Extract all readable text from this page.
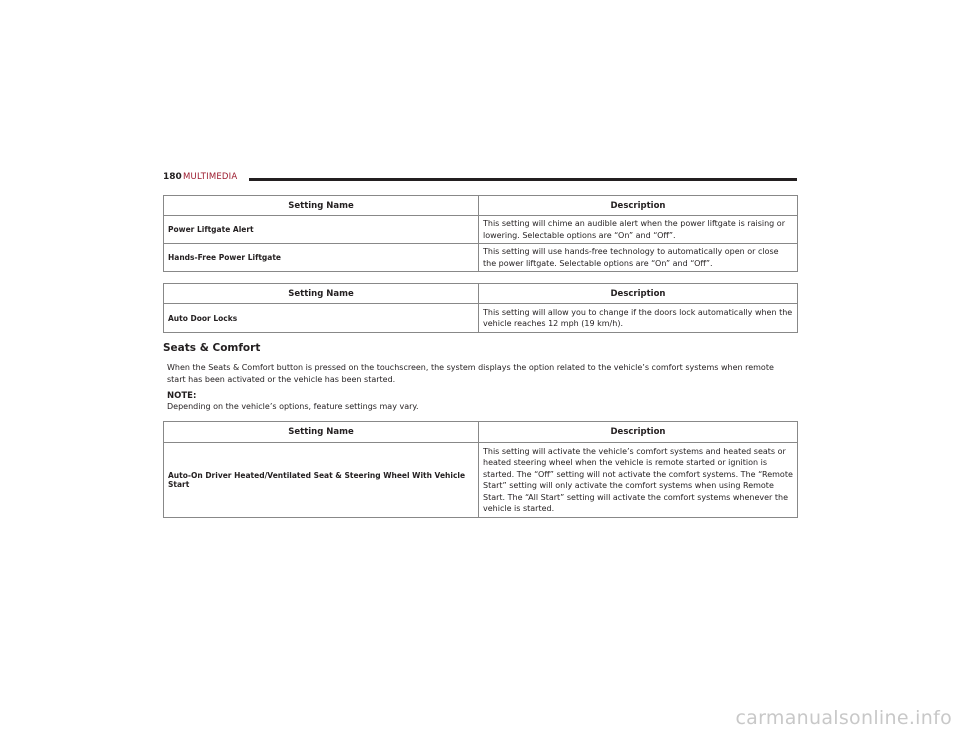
180 MULTIMEDIA
Setting Name	Description
Power Liftgate Alert	This setting will chime an audible alert when the power liftgate is raising or lowering. Selectable options are “On” and “Off”.
Hands-Free Power Liftgate	This setting will use hands-free technology to automatically open or close the power liftgate. Selectable options are “On” and “Off”.
Setting Name	Description
Auto Door Locks	This setting will allow you to change if the doors lock automatically when the vehicle reaches 12 mph (19 km/h).
Seats & Comfort
When the Seats & Comfort button is pressed on the touchscreen, the system displays the option related to the vehicle’s comfort systems when remote start has been activated or the vehicle has been started.
NOTE:
Depending on the vehicle’s options, feature settings may vary.
Setting Name	Description
Auto-On Driver Heated/Ventilated Seat & Steering Wheel With Vehicle Start	This setting will activate the vehicle’s comfort systems and heated seats or heated steering wheel when the vehicle is remote started or ignition is started. The “Off” setting will not activate the comfort systems. The “Remote Start” setting will only activate the comfort systems when using Remote Start. The “All Start” setting will activate the comfort systems whenever the vehicle is started.
carmanualsonline.info
